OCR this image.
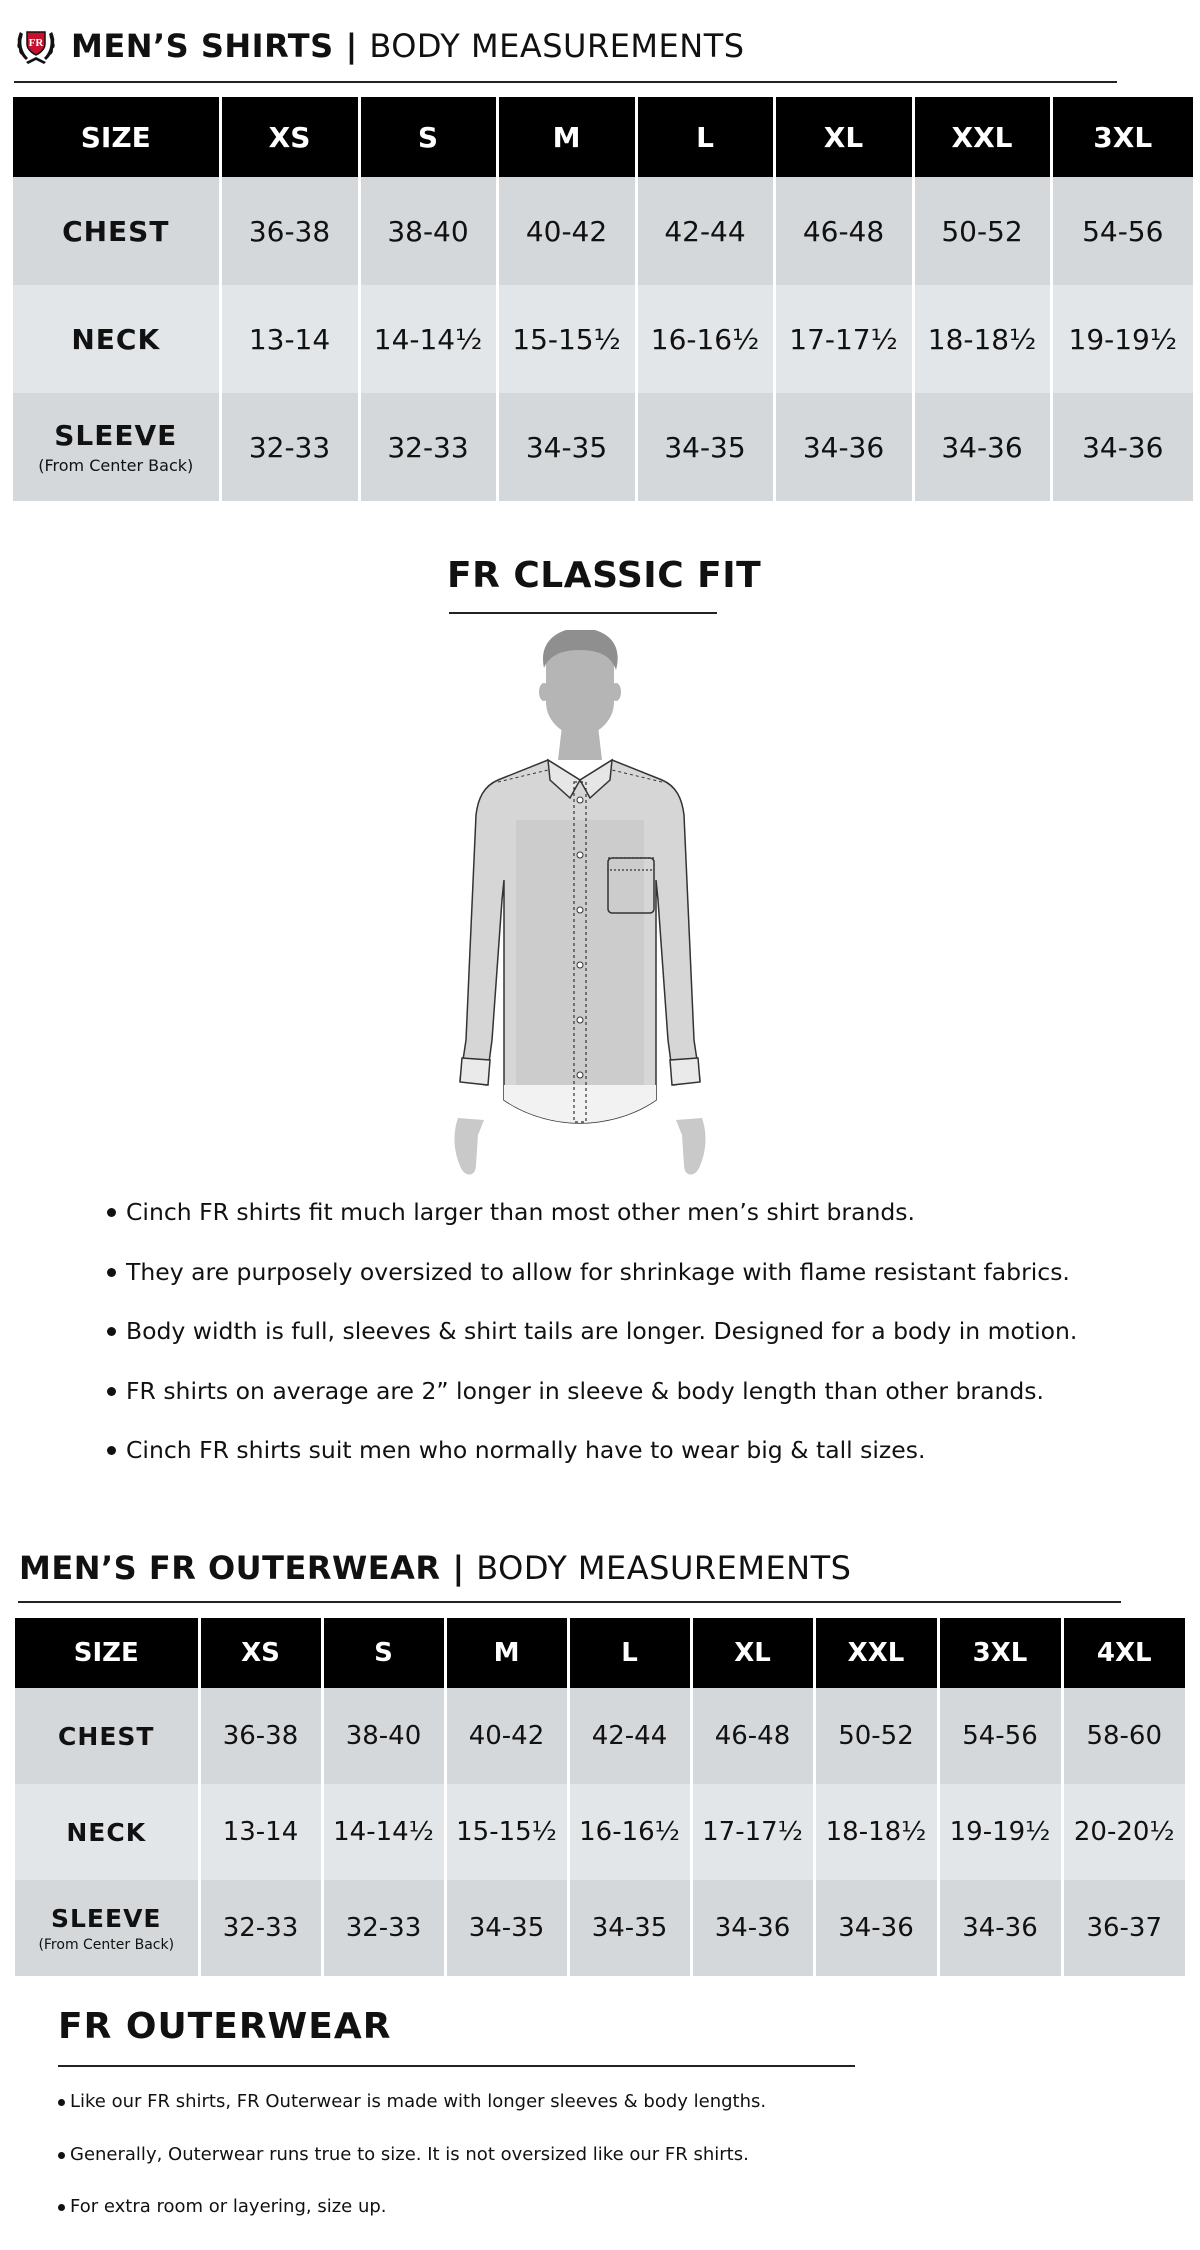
FR MEN’S SHIRTS | BODY MEASUREMENTS
SIZE	XS	S	M	L	XL	XXL	3XL
CHEST	36-38	38-40	40-42	42-44	46-48	50-52	54-56
NECK	13-14	14-14½	15-15½	16-16½	17-17½	18-18½	19-19½
SLEEVE
(From Center Back)	32-33	32-33	34-35	34-35	34-36	34-36	34-36
FR CLASSIC FIT
Cinch FR shirts fit much larger than most other men’s shirt brands.
They are purposely oversized to allow for shrinkage with flame resistant fabrics.
Body width is full, sleeves & shirt tails are longer. Designed for a body in motion.
FR shirts on average are 2” longer in sleeve & body length than other brands.
Cinch FR shirts suit men who normally have to wear big & tall sizes.
MEN’S FR OUTERWEAR | BODY MEASUREMENTS
SIZE	XS	S	M	L	XL	XXL	3XL	4XL
CHEST	36-38	38-40	40-42	42-44	46-48	50-52	54-56	58-60
NECK	13-14	14-14½	15-15½	16-16½	17-17½	18-18½	19-19½	20-20½
SLEEVE
(From Center Back)	32-33	32-33	34-35	34-35	34-36	34-36	34-36	36-37
FR OUTERWEAR
Like our FR shirts, FR Outerwear is made with longer sleeves & body lengths.
Generally, Outerwear runs true to size. It is not oversized like our FR shirts.
For extra room or layering, size up.
